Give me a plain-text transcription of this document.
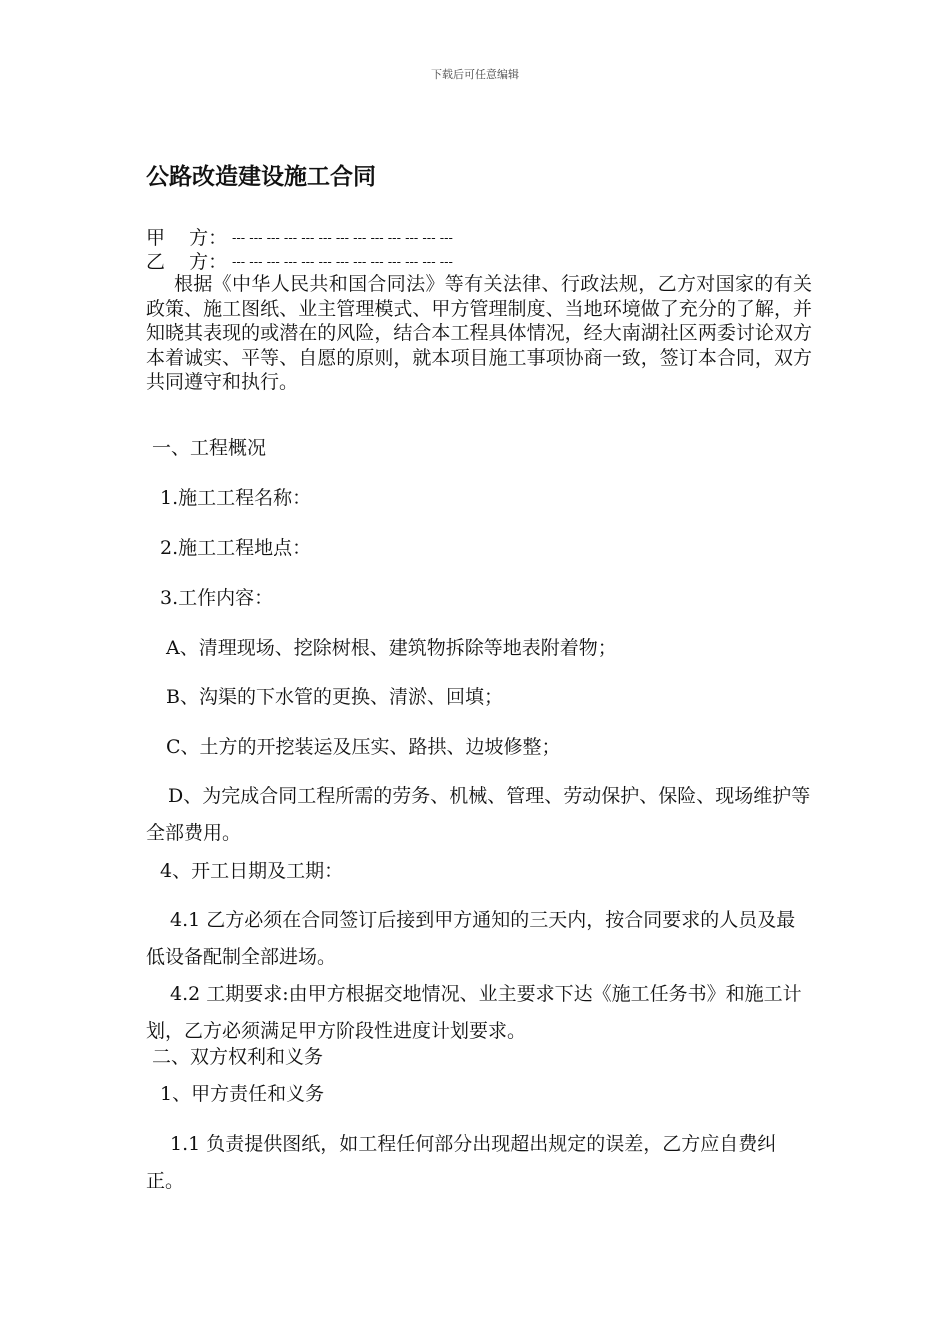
下载后可任意编辑
公路改造建设施工合同
甲    方： --- --- --- --- --- --- --- --- --- --- --- --- ---
乙    方： --- --- --- --- --- --- --- --- --- --- --- --- ---
根据《中华人民共和国合同法》等有关法律、行政法规，乙方对国家的有关政策、施工图纸、业主管理模式、甲方管理制度、当地环境做了充分的了解，并知晓其表现的或潜在的风险，结合本工程具体情况，经大南湖社区两委讨论双方本着诚实、平等、自愿的原则，就本项目施工事项协商一致，签订本合同，双方共同遵守和执行。
一、工程概况
1.施工工程名称：
2.施工工程地点：
3.工作内容：
A、清理现场、挖除树根、建筑物拆除等地表附着物；
B、沟渠的下水管的更换、清淤、回填；
C、土方的开挖装运及压实、路拱、边坡修整；
D、为完成合同工程所需的劳务、机械、管理、劳动保护、保险、现场维护等全部费用。
4、开工日期及工期：
4.1 乙方必须在合同签订后接到甲方通知的三天内，按合同要求的人员及最低设备配制全部进场。
4.2 工期要求:由甲方根据交地情况、业主要求下达《施工任务书》和施工计划，乙方必须满足甲方阶段性进度计划要求。
二、双方权利和义务
1、甲方责任和义务
1.1 负责提供图纸，如工程任何部分出现超出规定的误差，乙方应自费纠正。
